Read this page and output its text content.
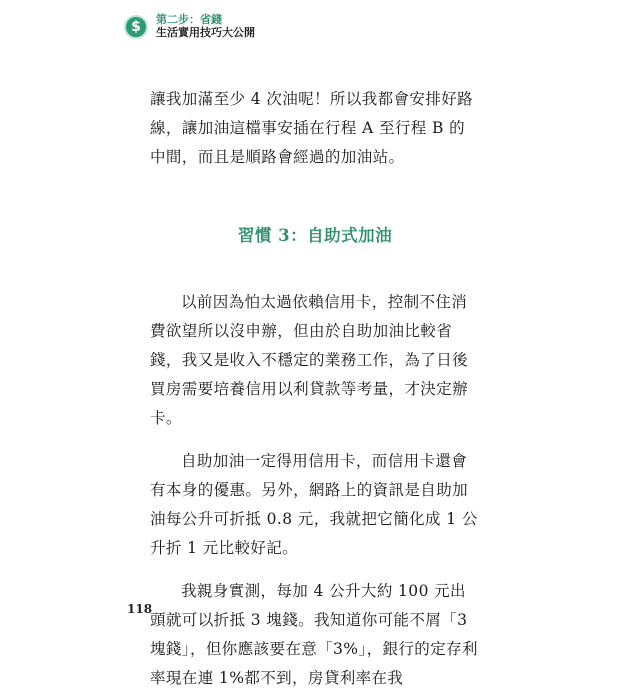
$	第二步：省錢
生活實用技巧大公開

讓我加滿至少 4 次油呢！所以我都會安排好路線，讓加油這檔事安插在行程 A 至行程 B 的中間，而且是順路會經過的加油站。

習慣 3：自助式加油

以前因為怕太過依賴信用卡，控制不住消費欲望所以沒申辦，但由於自助加油比較省錢，我又是收入不穩定的業務工作，為了日後買房需要培養信用以利貸款等考量，才決定辦卡。

自助加油一定得用信用卡，而信用卡還會有本身的優惠。另外，網路上的資訊是自助加油每公升可折抵 0.8 元，我就把它簡化成 1 公升折 1 元比較好記。

我親身實測，每加 4 公升大約 100 元出頭就可以折抵 3 塊錢。我知道你可能不屑「3 塊錢」，但你應該要在意「3%」，銀行的定存利率現在連 1%都不到，房貸利率在我

118
